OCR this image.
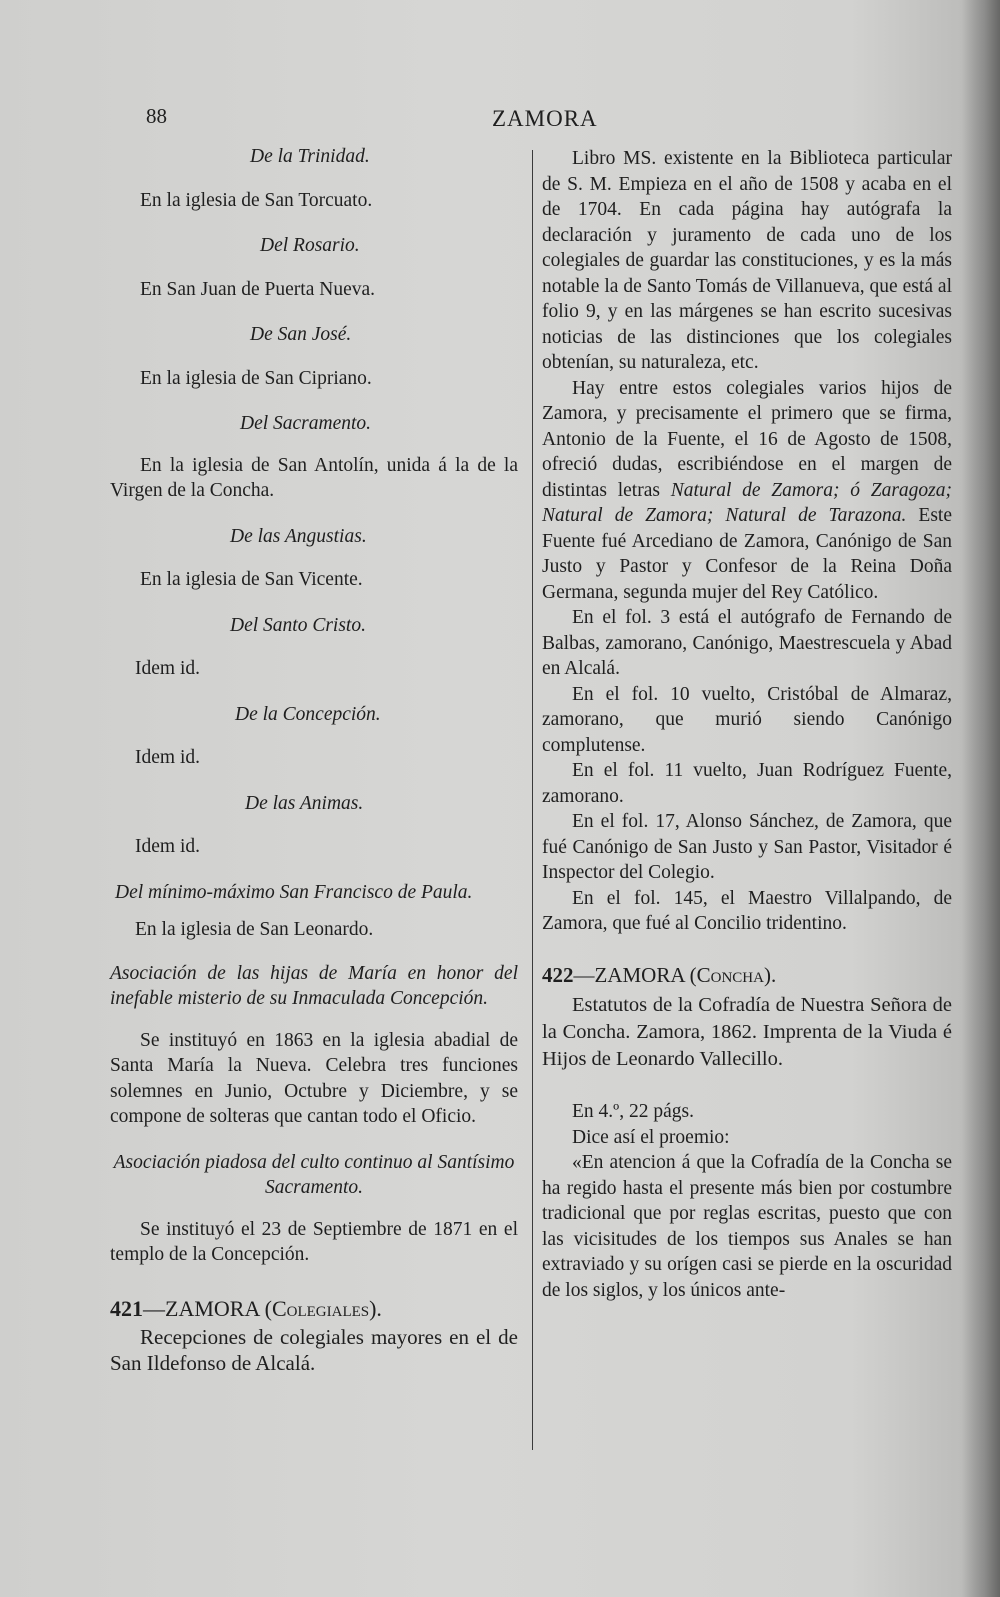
88	ZAMORA

De la Trinidad.

En la iglesia de San Torcuato.

Del Rosario.

En San Juan de Puerta Nueva.

De San José.

En la iglesia de San Cipriano.

Del Sacramento.

En la iglesia de San Antolín, unida á la de la Virgen de la Concha.

De las Angustias.

En la iglesia de San Vicente.

Del Santo Cristo.

Idem id.

De la Concepción.

Idem id.

De las Animas.

Idem id.

Del mínimo-máximo San Francisco de Paula.

En la iglesia de San Leonardo.

Asociación de las hijas de María en honor del inefable misterio de su Inmaculada Concepción.

Se instituyó en 1863 en la iglesia abadial de Santa María la Nueva. Celebra tres funciones solemnes en Junio, Octubre y Diciembre, y se compone de solteras que cantan todo el Oficio.

Asociación piadosa del culto continuo al Santísimo Sacramento.

Se instituyó el 23 de Septiembre de 1871 en el templo de la Concepción.

421—ZAMORA (Colegiales).

Recepciones de colegiales mayores en el de San Ildefonso de Alcalá.

Libro MS. existente en la Biblioteca particular de S. M. Empieza en el año de 1508 y acaba en el de 1704. En cada página hay autógrafa la declaración y juramento de cada uno de los colegiales de guardar las constituciones, y es la más notable la de Santo Tomás de Villanueva, que está al folio 9, y en las márgenes se han escrito sucesivas noticias de las distinciones que los colegiales obtenían, su naturaleza, etc.

Hay entre estos colegiales varios hijos de Zamora, y precisamente el primero que se firma, Antonio de la Fuente, el 16 de Agosto de 1508, ofreció dudas, escribiéndose en el margen de distintas letras Natural de Zamora; ó Zaragoza; Natural de Zamora; Natural de Tarazona. Este Fuente fué Arcediano de Zamora, Canónigo de San Justo y Pastor y Confesor de la Reina Doña Germana, segunda mujer del Rey Católico.

En el fol. 3 está el autógrafo de Fernando de Balbas, zamorano, Canónigo, Maestrescuela y Abad en Alcalá.

En el fol. 10 vuelto, Cristóbal de Almaraz, zamorano, que murió siendo Canónigo complutense.

En el fol. 11 vuelto, Juan Rodríguez Fuente, zamorano.

En el fol. 17, Alonso Sánchez, de Zamora, que fué Canónigo de San Justo y San Pastor, Visitador é Inspector del Colegio.

En el fol. 145, el Maestro Villalpando, de Zamora, que fué al Concilio tridentino.

422—ZAMORA (Concha).

Estatutos de la Cofradía de Nuestra Señora de la Concha. Zamora, 1862. Imprenta de la Viuda é Hijos de Leonardo Vallecillo.

En 4.º, 22 págs.

Dice así el proemio:

«En atencion á que la Cofradía de la Concha se ha regido hasta el presente más bien por costumbre tradicional que por reglas escritas, puesto que con las vicisitudes de los tiempos sus Anales se han extraviado y su orígen casi se pierde en la oscuridad de los siglos, y los únicos ante-
